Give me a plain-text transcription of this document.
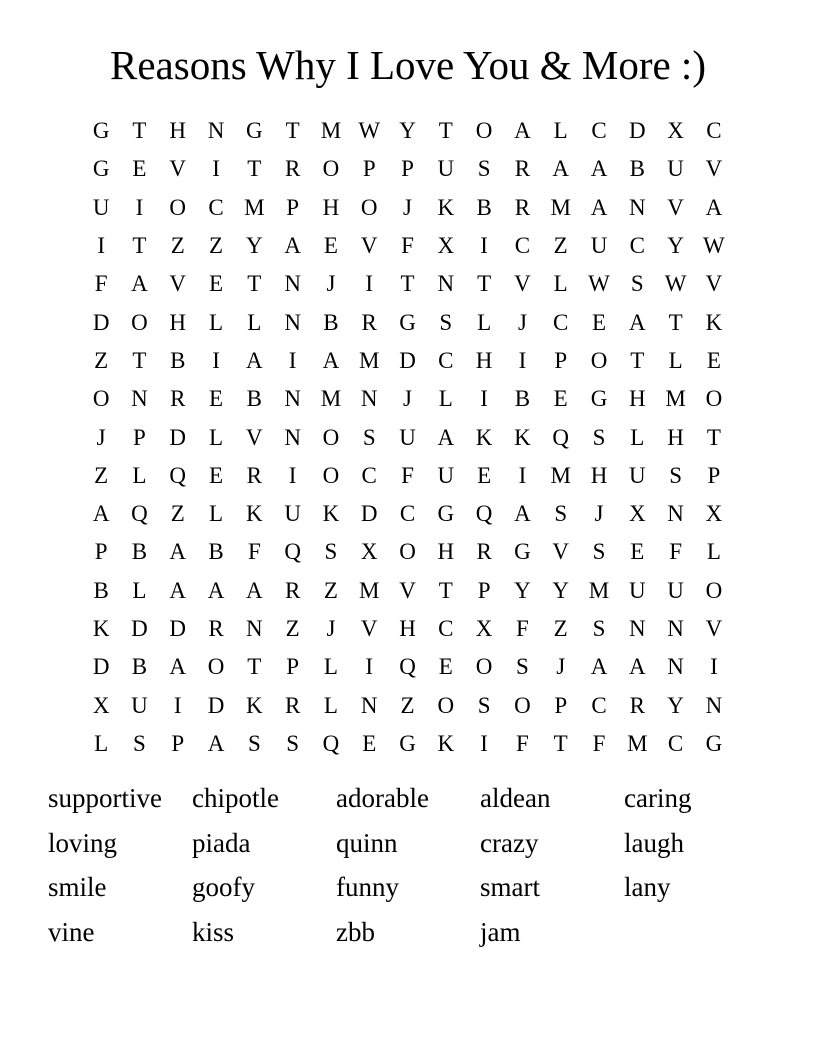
Reasons Why I Love You & More :)
G T H N G T M W Y T O A L	C D X C
G E V	I	T	R O	P	P	U	S	R A A B U V
U	I	O C M P	H O	J	K B R M A N V A
I	T	Z	Z Y A E V	F	X	I	C	Z U C Y W
F	A V E	T N	J	I	T N T V L W S W V
D O H L	L N B R G	S	L	J	C	E A T K
Z	T	B	I	A	I	A M D C H	I	P	O T	L	E
O N R	E	B N M N	J	L	I	B	E G H M O
J	P	D L V N O	S	U A K K Q	S	L H T
Z	L Q E	R	I	O C	F	U E	I	M H U	S	P
A Q Z	L K U K D C G Q A	S	J	X N X
P	B A B	F	Q	S	X O H R G V	S	E	F	L
B	L A A A R	Z M V T	P	Y Y M U U O
K D D R N Z	J	V H C X	F	Z	S	N N V
D B A O T	P	L	I	Q E O	S	J	A A N	I
X U	I	D K R	L N Z O	S	O	P	C R Y N
L	S	P	A	S	S	Q E G K	I	F	T	F M C G
supportive	chipotle	adorable	aldean	caring
loving	piada	quinn	crazy	laugh
smile	goofy	funny	smart	lany
vine	kiss	zbb	jam
